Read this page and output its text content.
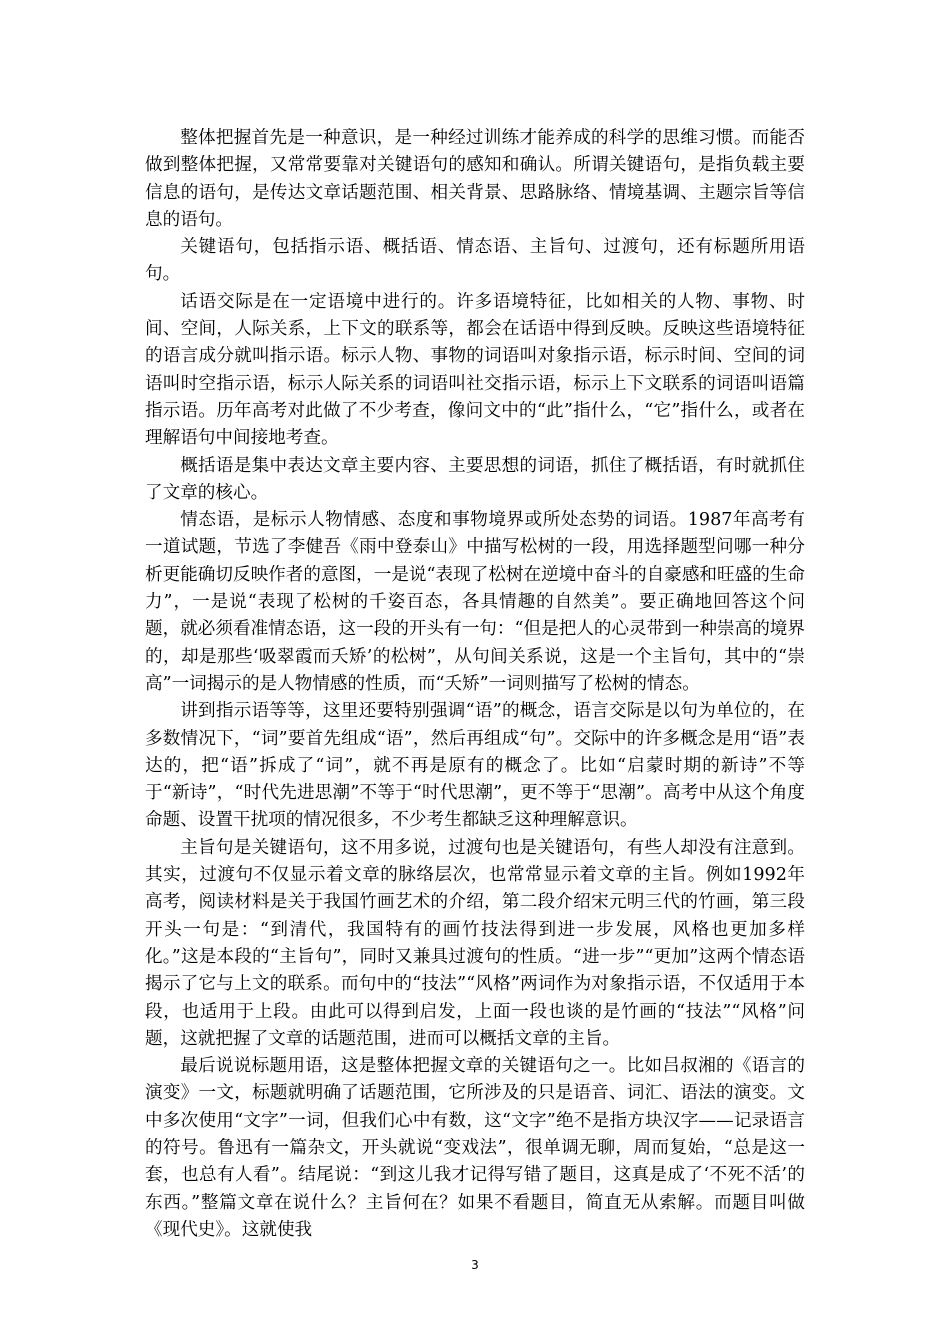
整体把握首先是一种意识，是一种经过训练才能养成的科学的思维习惯。而能否做到整体把握，又常常要靠对关键语句的感知和确认。所谓关键语句，是指负载主要信息的语句，是传达文章话题范围、相关背景、思路脉络、情境基调、主题宗旨等信息的语句。

关键语句，包括指示语、概括语、情态语、主旨句、过渡句，还有标题所用语句。

话语交际是在一定语境中进行的。许多语境特征，比如相关的人物、事物、时间、空间，人际关系，上下文的联系等，都会在话语中得到反映。反映这些语境特征的语言成分就叫指示语。标示人物、事物的词语叫对象指示语，标示时间、空间的词语叫时空指示语，标示人际关系的词语叫社交指示语，标示上下文联系的词语叫语篇指示语。历年高考对此做了不少考查，像问文中的“此”指什么，“它”指什么，或者在理解语句中间接地考查。

概括语是集中表达文章主要内容、主要思想的词语，抓住了概括语，有时就抓住了文章的核心。

情态语，是标示人物情感、态度和事物境界或所处态势的词语。1987年高考有一道试题，节选了李健吾《雨中登泰山》中描写松树的一段，用选择题型问哪一种分析更能确切反映作者的意图，一是说“表现了松树在逆境中奋斗的自豪感和旺盛的生命力”，一是说“表现了松树的千姿百态，各具情趣的自然美”。要正确地回答这个问题，就必须看准情态语，这一段的开头有一句：“但是把人的心灵带到一种崇高的境界的，却是那些‘吸翠霞而夭矫’的松树”，从句间关系说，这是一个主旨句，其中的“崇高”一词揭示的是人物情感的性质，而“夭矫”一词则描写了松树的情态。

讲到指示语等等，这里还要特别强调“语”的概念，语言交际是以句为单位的，在多数情况下，“词”要首先组成“语”，然后再组成“句”。交际中的许多概念是用“语”表达的，把“语”拆成了“词”，就不再是原有的概念了。比如“启蒙时期的新诗”不等于“新诗”，“时代先进思潮”不等于“时代思潮”，更不等于“思潮”。高考中从这个角度命题、设置干扰项的情况很多，不少考生都缺乏这种理解意识。

主旨句是关键语句，这不用多说，过渡句也是关键语句，有些人却没有注意到。其实，过渡句不仅显示着文章的脉络层次，也常常显示着文章的主旨。例如1992年高考，阅读材料是关于我国竹画艺术的介绍，第二段介绍宋元明三代的竹画，第三段开头一句是：“到清代，我国特有的画竹技法得到进一步发展，风格也更加多样化。”这是本段的“主旨句”，同时又兼具过渡句的性质。“进一步”“更加”这两个情态语揭示了它与上文的联系。而句中的“技法”“风格”两词作为对象指示语，不仅适用于本段，也适用于上段。由此可以得到启发，上面一段也谈的是竹画的“技法”“风格”问题，这就把握了文章的话题范围，进而可以概括文章的主旨。

最后说说标题用语，这是整体把握文章的关键语句之一。比如吕叔湘的《语言的演变》一文，标题就明确了话题范围，它所涉及的只是语音、词汇、语法的演变。文中多次使用“文字”一词，但我们心中有数，这“文字”绝不是指方块汉字——记录语言的符号。鲁迅有一篇杂文，开头就说“变戏法”，很单调无聊，周而复始，“总是这一套，也总有人看”。结尾说：“到这儿我才记得写错了题目，这真是成了‘不死不活’的东西。”整篇文章在说什么？主旨何在？如果不看题目，简直无从索解。而题目叫做《现代史》。这就使我

3
